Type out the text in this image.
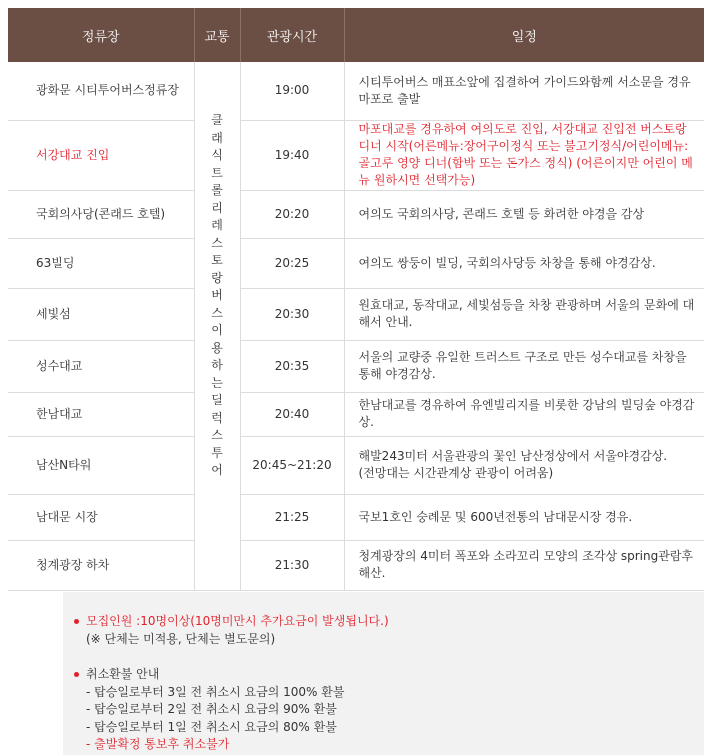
정류장	교통	관광시간	일정
광화문 시티투어버스정류장	클래식 트롤리 레스토랑버스 이용하는 딜럭스 투어	19:00	시티투어버스 매표소앞에 집결하여 가이드와함께 서소문을 경유 마포로 출발
서강대교 진입		19:40	마포대교를 경유하여 여의도로 진입, 서강대교 진입전 버스토랑 디너 시작(어른메뉴:장어구이정식 또는 불고기정식/어린이메뉴: 골고루 영양 디너(함박 또는 돈가스 정식) (어른이지만 어린이 메뉴 원하시면 선택가능)
국회의사당(콘래드 호텔)		20:20	여의도 국회의사당, 콘래드 호텔 등 화려한 야경을 감상
63빌딩		20:25	여의도 쌍둥이 빌딩, 국회의사당등 차창을 통해 야경감상.
세빛섬		20:30	원효대교, 동작대교, 세빛섬등을 차창 관광하며 서울의 문화에 대해서 안내.
성수대교		20:35	서울의 교량중 유일한 트러스트 구조로 만든 성수대교를 차창을 통해 야경감상.
한남대교		20:40	한남대교를 경유하여 유엔빌리지를 비롯한 강남의 빌딩숲 야경감상.
남산N타워		20:45~21:20	해발243미터 서울관광의 꽃인 남산정상에서 서울야경감상.
(전망대는 시간관계상 관광이 어려움)

남대문 시장		21:25	국보1호인 숭례문 및 600년전통의 남대문시장 경유.
청계광장 하차		21:30	청계광장의 4미터 폭포와 소라꼬리 모양의 조각상 spring관람후 해산.
모집인원 :10명이상(10명미만시 추가요금이 발생됩니다.)
(※ 단체는 미적용, 단체는 별도문의)
취소환불 안내
- 탑승일로부터 3일 전 취소시 요금의 100% 환불
- 탑승일로부터 2일 전 취소시 요금의 90% 환불
- 탑승일로부터 1일 전 취소시 요금의 80% 환불
- 출발확정 통보후 취소불가
